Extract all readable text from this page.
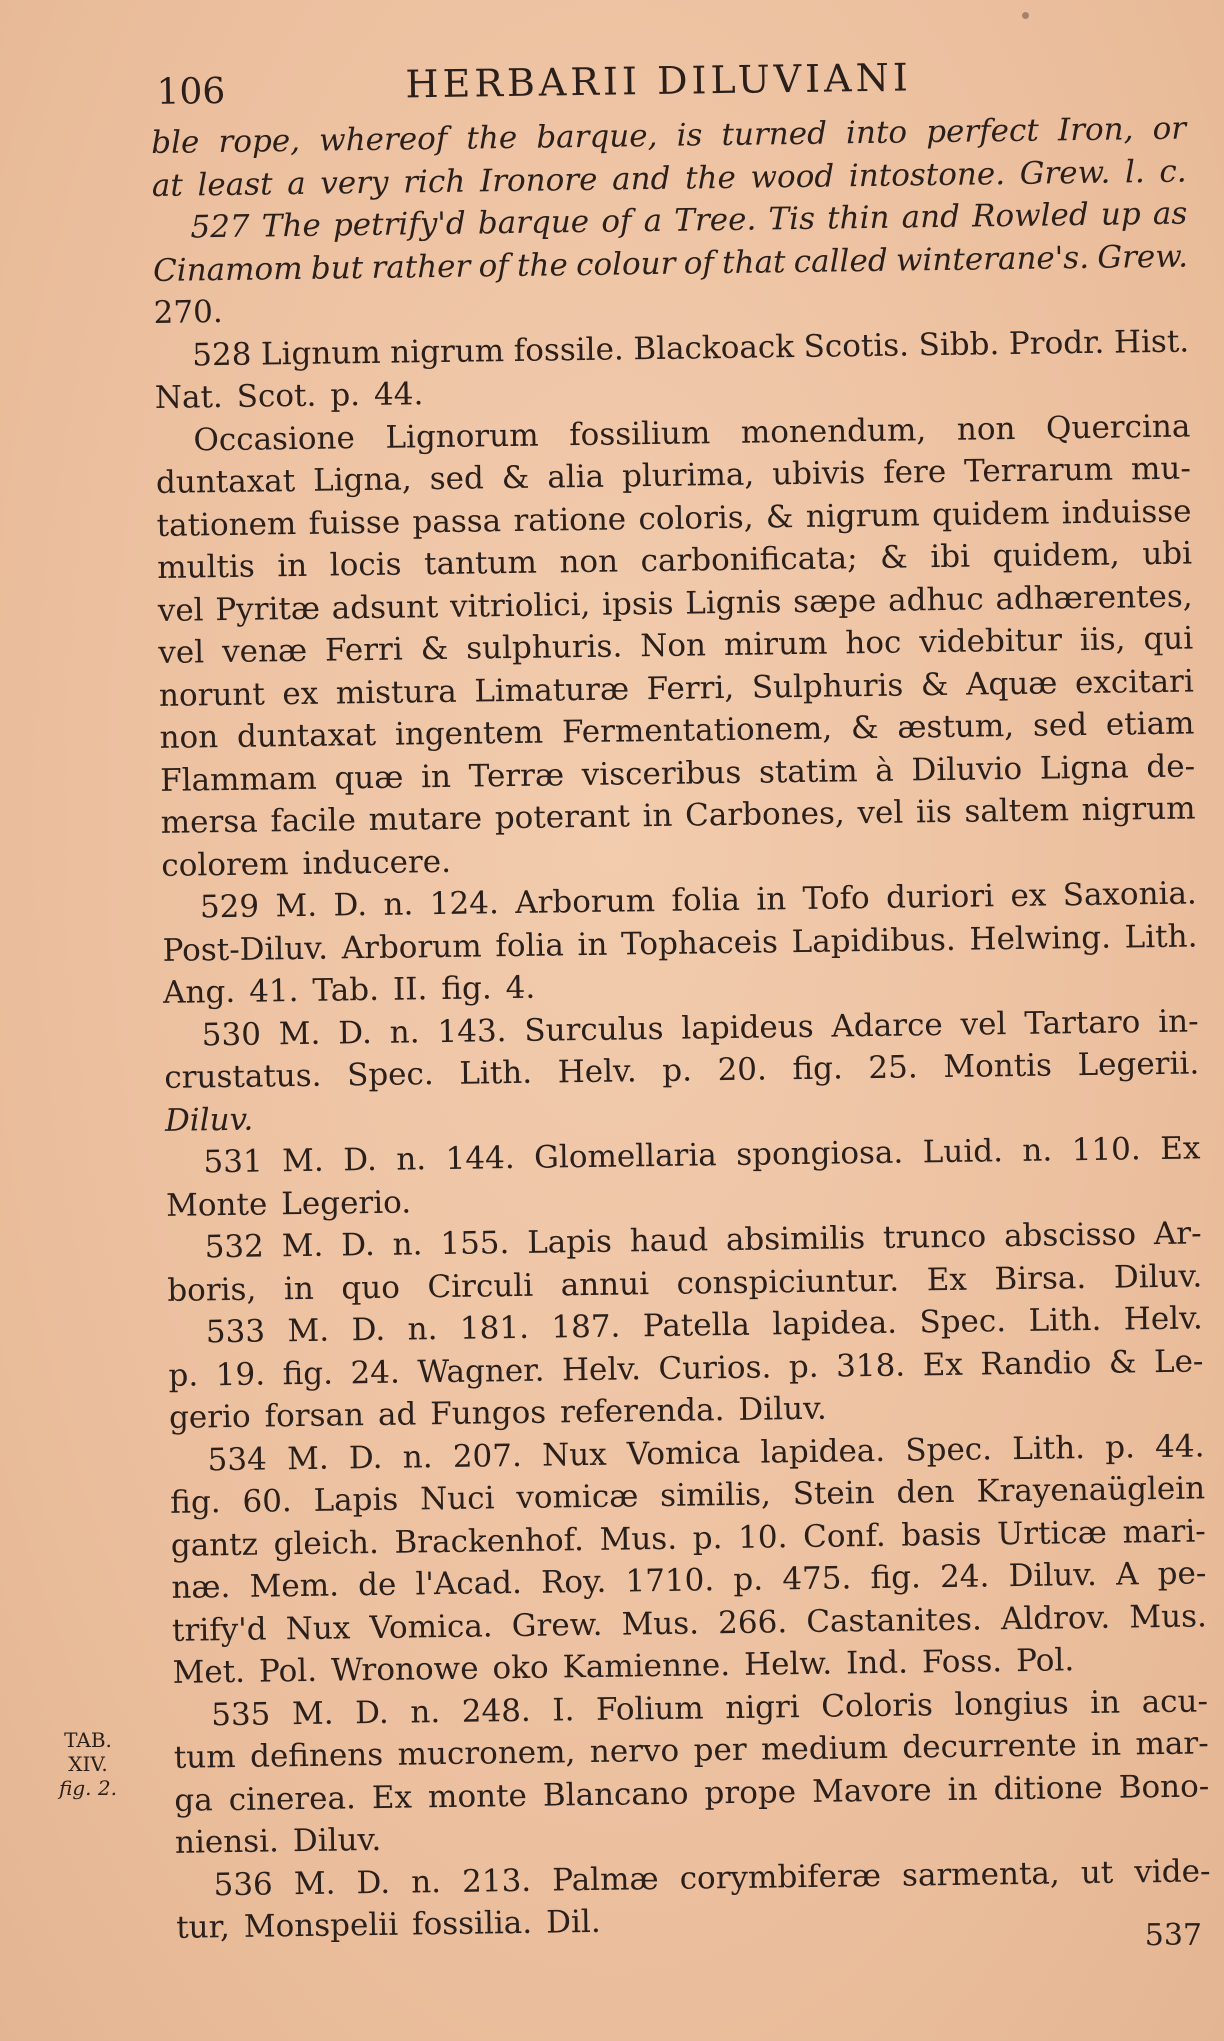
106	HERBARII DILUVIANI
ble rope, whereof the barque, is turned into perfect Iron, or
at least a very rich Ironore and the wood intostone. Grew. l. c.
527 The petrify'd barque of a Tree. Tis thin and Rowled up as
Cinamom but rather of the colour of that called winterane's. Grew.
270.
528 Lignum nigrum fossile. Blackoack Scotis. Sibb. Prodr. Hist.
Nat. Scot. p. 44.
Occasione Lignorum fossilium monendum, non Quercina
duntaxat Ligna, sed & alia plurima, ubivis fere Terrarum mu-
tationem fuisse passa ratione coloris, & nigrum quidem induisse
multis in locis tantum non carbonificata; & ibi quidem, ubi
vel Pyritæ adsunt vitriolici, ipsis Lignis sæpe adhuc adhærentes,
vel venæ Ferri & sulphuris. Non mirum hoc videbitur iis, qui
norunt ex mistura Limaturæ Ferri, Sulphuris & Aquæ excitari
non duntaxat ingentem Fermentationem, & æstum, sed etiam
Flammam quæ in Terræ visceribus statim à Diluvio Ligna de-
mersa facile mutare poterant in Carbones, vel iis saltem nigrum
colorem inducere.
529 M. D. n. 124. Arborum folia in Tofo duriori ex Saxonia.
Post-Diluv. Arborum folia in Tophaceis Lapidibus. Helwing. Lith.
Ang. 41. Tab. II. fig. 4.
530 M. D. n. 143. Surculus lapideus Adarce vel Tartaro in-
crustatus. Spec. Lith. Helv. p. 20. fig. 25. Montis Legerii.
Diluv.
531 M. D. n. 144. Glomellaria spongiosa. Luid. n. 110. Ex
Monte Legerio.
532 M. D. n. 155. Lapis haud absimilis trunco abscisso Ar-
boris, in quo Circuli annui conspiciuntur. Ex Birsa. Diluv.
533 M. D. n. 181. 187. Patella lapidea. Spec. Lith. Helv.
p. 19. fig. 24. Wagner. Helv. Curios. p. 318. Ex Randio & Le-
gerio forsan ad Fungos referenda. Diluv.
534 M. D. n. 207. Nux Vomica lapidea. Spec. Lith. p. 44.
fig. 60. Lapis Nuci vomicæ similis, Stein den Krayenaüglein
gantz gleich. Brackenhof. Mus. p. 10. Conf. basis Urticæ mari-
næ. Mem. de l'Acad. Roy. 1710. p. 475. fig. 24. Diluv. A pe-
trify'd Nux Vomica. Grew. Mus. 266. Castanites. Aldrov. Mus.
Met. Pol. Wronowe oko Kamienne. Helw. Ind. Foss. Pol.
535 M. D. n. 248. I. Folium nigri Coloris longius in acu-
tum definens mucronem, nervo per medium decurrente in mar-
ga cinerea. Ex monte Blancano prope Mavore in ditione Bono-
niensi. Diluv.
536 M. D. n. 213. Palmæ corymbiferæ sarmenta, ut vide-
tur, Monspelii fossilia. Dil.
TAB.
XIV.
fig. 2.
537
